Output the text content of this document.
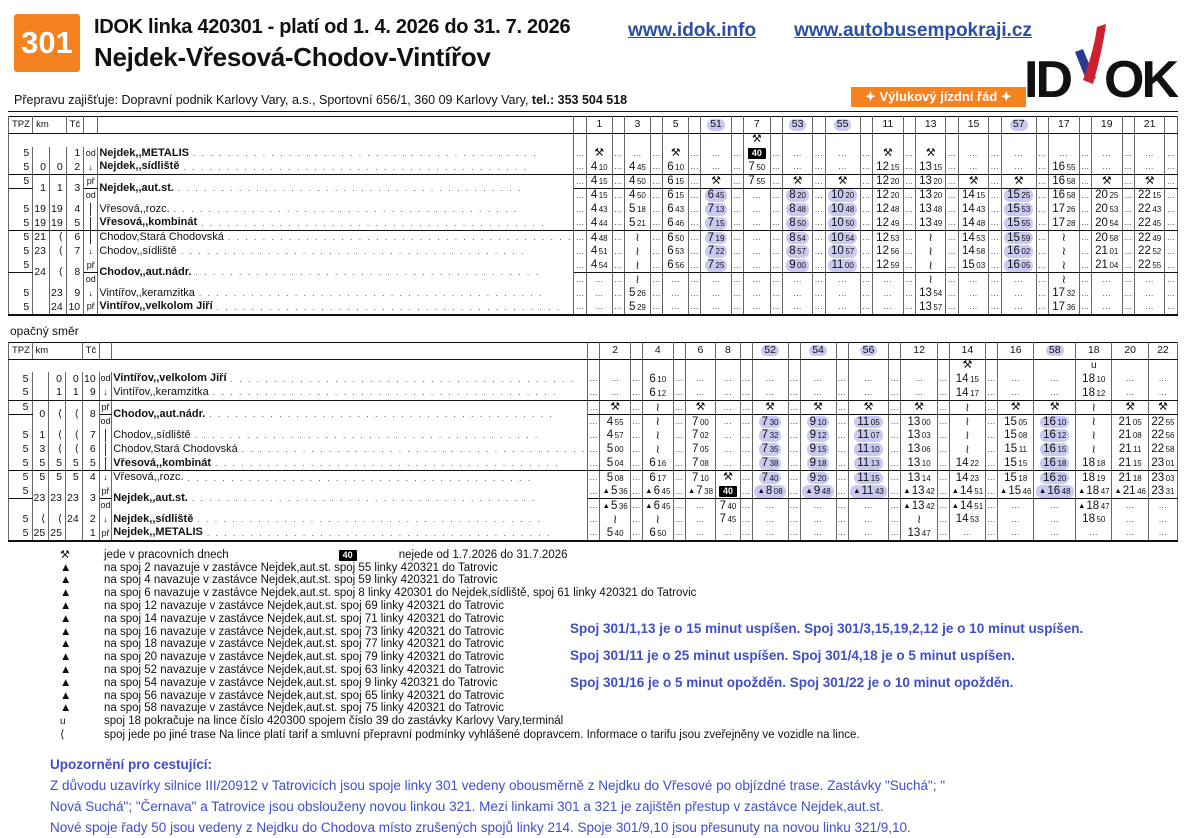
301	IDOK linka 420301 - platí od 1. 4. 2026 do 31. 7. 2026
Nejdek-Vřesová-Chodov-Vintířov
Přepravu zajišťuje: Dopravní podnik Karlovy Vary, a.s., Sportovní 656/1, 360 09 Karlovy Vary, tel.: 353 504 518
www.idok.info www.autobusempokraji.cz
✦ Výlukový jízdní řád ✦ ID OK
TPZ	km		Tč				1		3		5		51		7		53		55		11		13		15		57		17		19		21	
															⚒																			
5			1	od	Nejdek,,METALIS . . . . . . . . . . . . . . . . . . . . . . . . . . . . . . . . . . . . . . . .	...	⚒	...	...	...	⚒	...	...	...	40	...	...	...	...	...	⚒	...	⚒	...	...	...	...	...	...	...	...	...	...	...
5	0	0	2	↓	Nejdek,,sídliště . . . . . . . . . . . . . . . . . . . . . . . . . . . . . . . . . . . . . . . .	...	4 10	...	4 45	...	6 10	...	...	...	7 50	...	...	...	...	...	12 15	...	13 15	...	...	...	...	...	16 55	...	...	...	...	...
5	1	1	3	př	Nejdek,,aut.st. . . . . . . . . . . . . . . . . . . . . . . . . . . . . . . . . . . . . . . . .	...	4 15	...	4 50	...	6 15	...	⚒	...	7 55	...	⚒	...	⚒	...	12 20	...	13 20	...	⚒	...	⚒	...	16 58	...	⚒	...	⚒	...
				od		...	4 15	...	4 50	...	6 15	...	6 45	...	...	...	8 20	...	10 20	...	12 20	...	13 20	...	14 15	...	15 25	...	16 58	...	20 25	...	22 15	...
5	19	19	4		Vřesová,,rozc. . . . . . . . . . . . . . . . . . . . . . . . . . . . . . . . . . . . . . . . .	...	4 43	...	5 18	...	6 43	...	7 13	...	...	...	8 48	...	10 48	...	12 48	...	13 48	...	14 43	...	15 53	...	17 26	...	20 53	...	22 43	...
5	19	19	5		Vřesová,,kombinát . . . . . . . . . . . . . . . . . . . . . . . . . . . . . . . . . . . . . . . .	...	4 44	...	5 21	...	6 46	...	7 15	...	...	...	8 50	...	10 50	...	12 49	...	13 49	...	14 48	...	15 55	...	17 28	...	20 54	...	22 45	...
5	21	⟨	6		Chodov,Stará Chodovská . . . . . . . . . . . . . . . . . . . . . . . . . . . . . . . . . . . . . . . .	...	4 48	...	≀	...	6 50	...	7 19	...	...	...	8 54	...	10 54	...	12 53	...	≀	...	14 53	...	15 59	...	≀	...	20 58	...	22 49	...
5	23	⟨	7	↓	Chodov,,sídliště . . . . . . . . . . . . . . . . . . . . . . . . . . . . . . . . . . . . . . . .	...	4 51	...	≀	...	6 53	...	7 22	...	...	...	8 57	...	10 57	...	12 56	...	≀	...	14 58	...	16 02	...	≀	...	21 01	...	22 52	...
5	24	⟨	8	př	Chodov,,aut.nádr. . . . . . . . . . . . . . . . . . . . . . . . . . . . . . . . . . . . . . . . .	...	4 54	...	≀	...	6 56	...	7 25	...	...	...	9 00	...	11 00	...	12 59	...	≀	...	15 03	...	16 05	...	≀	...	21 04	...	22 55	...
				od		...	...	...	≀	...	...	...	...	...	...	...	...	...	...	...	...	...	≀	...	...	...	...	...	≀	...	...	...	...	...
5		23	9	↓	Vintířov,,keramzitka . . . . . . . . . . . . . . . . . . . . . . . . . . . . . . . . . . . . . . . .	...	...	...	5 26	...	...	...	...	...	...	...	...	...	...	...	...	...	13 54	...	...	...	...	...	17 32	...	...	...	...	...
5		24	10	př	Vintířov,,velkolom Jiří . . . . . . . . . . . . . . . . . . . . . . . . . . . . . . . . . . . . . . . .	...	...	...	5 29	...	...	...	...	...	...	...	...	...	...	...	...	...	13 57	...	...	...	...	...	17 36	...	...	...	...	...
opačný směr
TPZ	km			Tč				2		4		6	8		52		54		56		12		14		16	58	18	20	22
																							⚒				u		
5		0	0	10	od	Vintířov,,velkolom Jiří . . . . . . . . . . . . . . . . . . . . . . . . . . . . . . . . . . . . . . . .	...	...	...	6 10	...	...	...	...	...	...	...	...	...	...	...	...	14 15	...	...	...	18 10	...	...
5		1	1	9	↓	Vintířov,,keramzitka . . . . . . . . . . . . . . . . . . . . . . . . . . . . . . . . . . . . . . . .	...	...	...	6 12	...	...	...	...	...	...	...	...	...	...	...	...	14 17	...	...	...	18 12	...	...
5	0	⟨	⟨	8	př	Chodov,,aut.nádr. . . . . . . . . . . . . . . . . . . . . . . . . . . . . . . . . . . . . . . . .	...	⚒	...	≀	...	⚒	...	...	⚒	...	⚒	...	⚒	...	⚒	...	≀	...	⚒	⚒	≀	⚒	⚒
					od		...	4 55	...	≀	...	7 00	...	...	7 30	...	9 10	...	11 05	...	13 00	...	≀	...	15 05	16 10	≀	21 05	22 55
5	1	⟨	⟨	7		Chodov,,sídliště . . . . . . . . . . . . . . . . . . . . . . . . . . . . . . . . . . . . . . . .	...	4 57	...	≀	...	7 02	...	...	7 32	...	9 12	...	11 07	...	13 03	...	≀	...	15 08	16 12	≀	21 08	22 56
5	3	⟨	⟨	6		Chodov,Stará Chodovská . . . . . . . . . . . . . . . . . . . . . . . . . . . . . . . . . . . . . . . .	...	5 00	...	≀	...	7 05	...	...	7 35	...	9 15	...	11 10	...	13 06	...	≀	...	15 11	16 15	≀	21 11	22 58
5	5	5	5	5		Vřesová,,kombinát . . . . . . . . . . . . . . . . . . . . . . . . . . . . . . . . . . . . . . . .	...	5 04	...	6 16	...	7 08	...	...	7 38	...	9 18	...	11 13	...	13 10	...	14 22	...	15 15	16 18	18 18	21 15	23 01
5	5	5	5	4	↓	Vřesová,,rozc. . . . . . . . . . . . . . . . . . . . . . . . . . . . . . . . . . . . . . . . .	...	5 08	...	6 17	...	7 10	⚒	...	7 40	...	9 20	...	11 15	...	13 14	...	14 23	...	15 18	16 20	18 19	21 18	23 03
5	23	23	23	3	př	Nejdek,,aut.st. . . . . . . . . . . . . . . . . . . . . . . . . . . . . . . . . . . . . . . . .	...	▲5 36	...	▲6 45	...	▲7 38	40	...	▲8 08	...	▲9 48	...	▲11 43	...	▲13 42	...	▲14 51	...	▲15 46	▲16 48	▲18 47	▲21 46	23 31
					od		...	▲5 36	...	▲6 45	...	...	7 40	...	...	...	...	...	...	...	▲13 42	...	▲14 51	...	...	...	▲18 47	...	...
5	⟨	⟨	24	2	↓	Nejdek,,sídliště . . . . . . . . . . . . . . . . . . . . . . . . . . . . . . . . . . . . . . . .	...	≀	...	≀	...	...	7 45	...	...	...	...	...	...	...	≀	...	14 53	...	...	...	18 50	...	...
5	25	25		1	př	Nejdek,,METALIS . . . . . . . . . . . . . . . . . . . . . . . . . . . . . . . . . . . . . . . .	...	5 40	...	6 50	...	...	...	...	...	...	...	...	...	...	13 47	...	...	...	...	...	...	...	...
⚒	jede v pracovních dnech	40	nejede od 1.7.2026 do 31.7.2026
▲	na spoj 2 navazuje v zastávce Nejdek,aut.st. spoj 55 linky 420321 do Tatrovic
▲	na spoj 4 navazuje v zastávce Nejdek,aut.st. spoj 59 linky 420321 do Tatrovic
▲	na spoj 6 navazuje v zastávce Nejdek,aut.st. spoj 8 linky 420301 do Nejdek,sídliště, spoj 61 linky 420321 do Tatrovic
▲	na spoj 12 navazuje v zastávce Nejdek,aut.st. spoj 69 linky 420321 do Tatrovic
▲	na spoj 14 navazuje v zastávce Nejdek,aut.st. spoj 71 linky 420321 do Tatrovic
▲	na spoj 16 navazuje v zastávce Nejdek,aut.st. spoj 73 linky 420321 do Tatrovic
▲	na spoj 18 navazuje v zastávce Nejdek,aut.st. spoj 77 linky 420321 do Tatrovic
▲	na spoj 20 navazuje v zastávce Nejdek,aut.st. spoj 79 linky 420321 do Tatrovic
▲	na spoj 52 navazuje v zastávce Nejdek,aut.st. spoj 63 linky 420321 do Tatrovic
▲	na spoj 54 navazuje v zastávce Nejdek,aut.st. spoj 9 linky 420321 do Tatrovic
▲	na spoj 56 navazuje v zastávce Nejdek,aut.st. spoj 65 linky 420321 do Tatrovic
▲	na spoj 58 navazuje v zastávce Nejdek,aut.st. spoj 75 linky 420321 do Tatrovic
u	spoj 18 pokračuje na lince číslo 420300 spojem číslo 39 do zastávky Karlovy Vary,terminál
⟨	spoj jede po jiné trase Na lince platí tarif a smluvní přepravní podmínky vyhlášené dopravcem. Informace o tarifu jsou zveřejněny ve vozidle na lince.
Spoj 301/1,13 je o 15 minut uspíšen. Spoj 301/3,15,19,2,12 je o 10 minut uspíšen.
Spoj 301/11 je o 25 minut uspíšen. Spoj 301/4,18 je o 5 minut uspíšen.
Spoj 301/16 je o 5 minut opožděn. Spoj 301/22 je o 10 minut opožděn.
Upozornění pro cestující:
Z důvodu uzavírky silnice III/20912 v Tatrovicích jsou spoje linky 301 vedeny obousměrně z Nejdku do Vřesové po objízdné trase. Zastávky "Suchá"; "
Nová Suchá"; "Černava" a Tatrovice jsou obslouženy novou linkou 321. Mezi linkami 301 a 321 je zajištěn přestup v zastávce Nejdek,aut.st.
Nové spoje řady 50 jsou vedeny z Nejdku do Chodova místo zrušených spojů linky 214. Spoje 301/9,10 jsou přesunuty na novou linku 321/9,10.
